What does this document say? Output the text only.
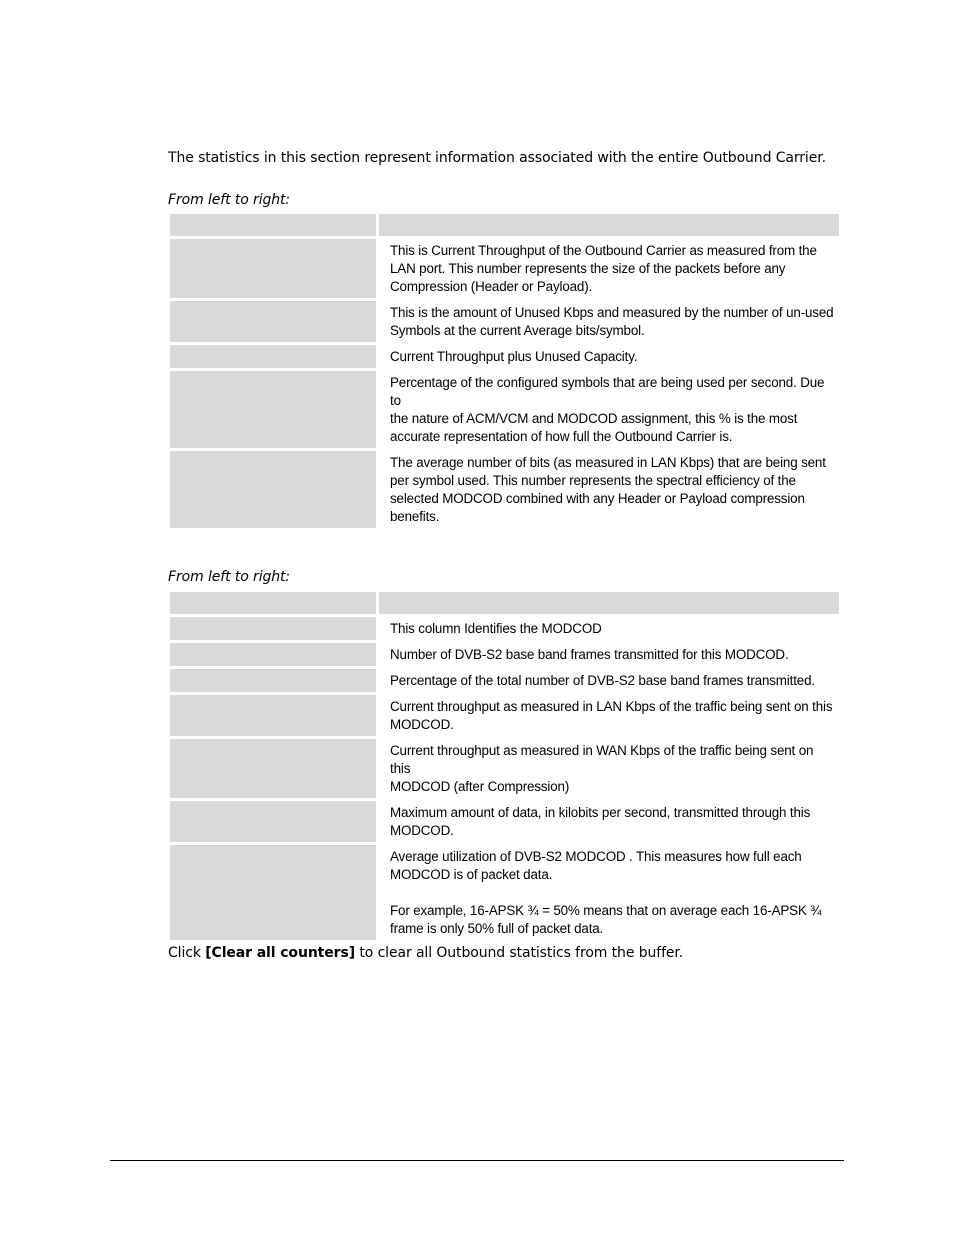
The statistics in this section represent information associated with the entire Outbound Carrier.
From left to right:

	This is Current Throughput of the Outbound Carrier as measured from the
LAN port. This number represents the size of the packets before any
Compression (Header or Payload).

	This is the amount of Unused Kbps and measured by the number of un-used
Symbols at the current Average bits/symbol.

	Current Throughput plus Unused Capacity.

	Percentage of the configured symbols that are being used per second. Due to
the nature of ACM/VCM and MODCOD assignment, this % is the most
accurate representation of how full the Outbound Carrier is.

	The average number of bits (as measured in LAN Kbps) that are being sent
per symbol used. This number represents the spectral efficiency of the
selected MODCOD combined with any Header or Payload compression
benefits.
From left to right:

	This column Identifies the MODCOD

	Number of DVB-S2 base band frames transmitted for this MODCOD.

	Percentage of the total number of DVB-S2 base band frames transmitted.

	Current throughput as measured in LAN Kbps of the traffic being sent on this
MODCOD.

	Current throughput as measured in WAN Kbps of the traffic being sent on this
MODCOD (after Compression)

	Maximum amount of data, in kilobits per second, transmitted through this
MODCOD.

	Average utilization of DVB-S2 MODCOD . This measures how full each
MODCOD is of packet data.
For example, 16-APSK ¾ = 50% means that on average each 16-APSK ¾
frame is only 50% full of packet data.
Click [Clear all counters] to clear all Outbound statistics from the buffer.
